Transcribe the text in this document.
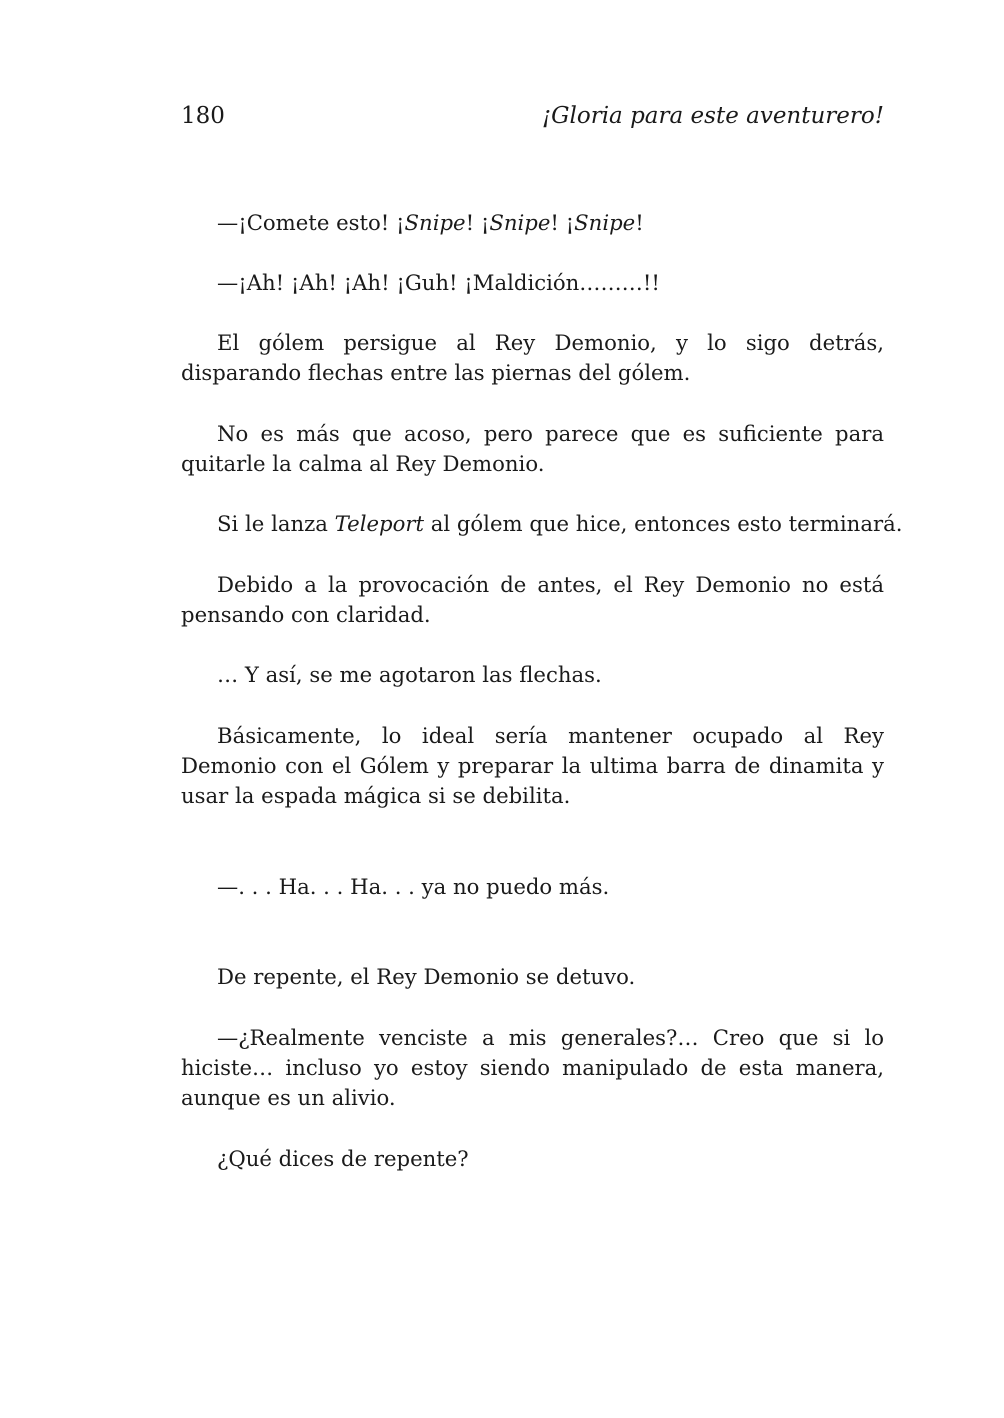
180	¡Gloria para este aventurero!

—¡Comete esto! ¡Snipe! ¡Snipe! ¡Snipe!

—¡Ah! ¡Ah! ¡Ah! ¡Guh! ¡Maldición………!!

El gólem persigue al Rey Demonio, y lo sigo detrás, disparando flechas entre las piernas del gólem.

No es más que acoso, pero parece que es suficiente para quitarle la calma al Rey Demonio.

Si le lanza Teleport al gólem que hice, entonces esto terminará.

Debido a la provocación de antes, el Rey Demonio no está pensando con claridad.

… Y así, se me agotaron las flechas.

Básicamente, lo ideal sería mantener ocupado al Rey Demonio con el Gólem y preparar la ultima barra de dinamita y usar la espada mágica si se debilita.

—. . . Ha. . . Ha. . . ya no puedo más.

De repente, el Rey Demonio se detuvo.

—¿Realmente venciste a mis generales?… Creo que si lo hiciste… incluso yo estoy siendo manipulado de esta manera, aunque es un alivio.

¿Qué dices de repente?
